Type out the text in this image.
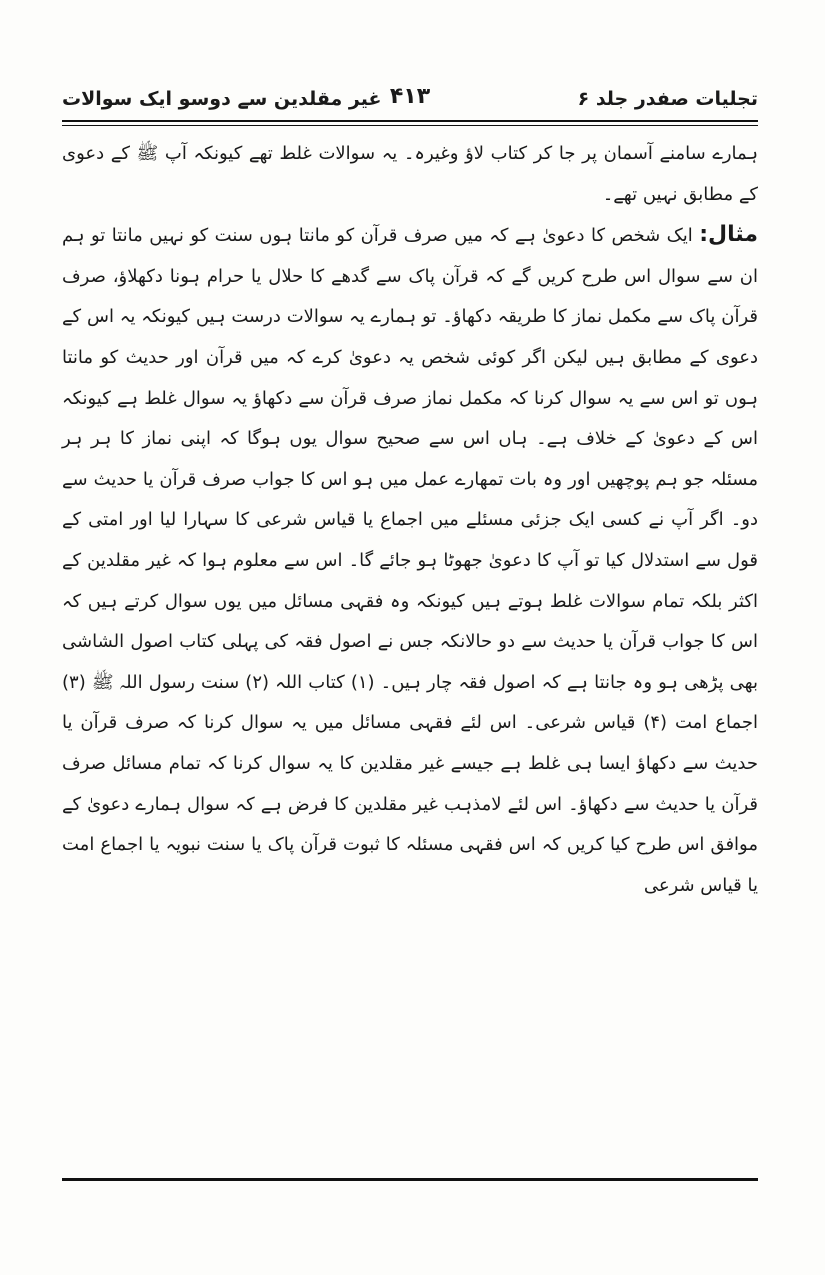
غیر مقلدین سے دوسو ایک سوالات ۴۱۳	تجلیات صفدر جلد ۶

ہمارے سامنے آسمان پر جا کر کتاب لاؤ وغیرہ۔ یہ سوالات غلط تھے کیونکہ آپ ﷺ کے دعوی کے مطابق نہیں تھے۔

مثال: ایک شخص کا دعویٰ ہے کہ میں صرف قرآن کو مانتا ہوں سنت کو نہیں مانتا تو ہم ان سے سوال اس طرح کریں گے کہ قرآن پاک سے گدھے کا حلال یا حرام ہونا دکھلاؤ، صرف قرآن پاک سے مکمل نماز کا طریقہ دکھاؤ۔ تو ہمارے یہ سوالات درست ہیں کیونکہ یہ اس کے دعوی کے مطابق ہیں لیکن اگر کوئی شخص یہ دعویٰ کرے کہ میں قرآن اور حدیث کو مانتا ہوں تو اس سے یہ سوال کرنا کہ مکمل نماز صرف قرآن سے دکھاؤ یہ سوال غلط ہے کیونکہ اس کے دعویٰ کے خلاف ہے۔ ہاں اس سے صحیح سوال یوں ہوگا کہ اپنی نماز کا ہر ہر مسئلہ جو ہم پوچھیں اور وہ بات تمھارے عمل میں ہو اس کا جواب صرف قرآن یا حدیث سے دو۔ اگر آپ نے کسی ایک جزئی مسئلے میں اجماع یا قیاس شرعی کا سہارا لیا اور امتی کے قول سے استدلال کیا تو آپ کا دعویٰ جھوٹا ہو جائے گا۔ اس سے معلوم ہوا کہ غیر مقلدین کے اکثر بلکہ تمام سوالات غلط ہوتے ہیں کیونکہ وہ فقہی مسائل میں یوں سوال کرتے ہیں کہ اس کا جواب قرآن یا حدیث سے دو حالانکہ جس نے اصول فقہ کی پہلی کتاب اصول الشاشی بھی پڑھی ہو وہ جانتا ہے کہ اصول فقہ چار ہیں۔ (۱) کتاب اللہ (۲) سنت رسول اللہ ﷺ (۳) اجماع امت (۴) قیاس شرعی۔ اس لئے فقہی مسائل میں یہ سوال کرنا کہ صرف قرآن یا حدیث سے دکھاؤ ایسا ہی غلط ہے جیسے غیر مقلدین کا یہ سوال کرنا کہ تمام مسائل صرف قرآن یا حدیث سے دکھاؤ۔ اس لئے لامذہب غیر مقلدین کا فرض ہے کہ سوال ہمارے دعویٰ کے موافق اس طرح کیا کریں کہ اس فقہی مسئلہ کا ثبوت قرآن پاک یا سنت نبویہ یا اجماع امت یا قیاس شرعی
